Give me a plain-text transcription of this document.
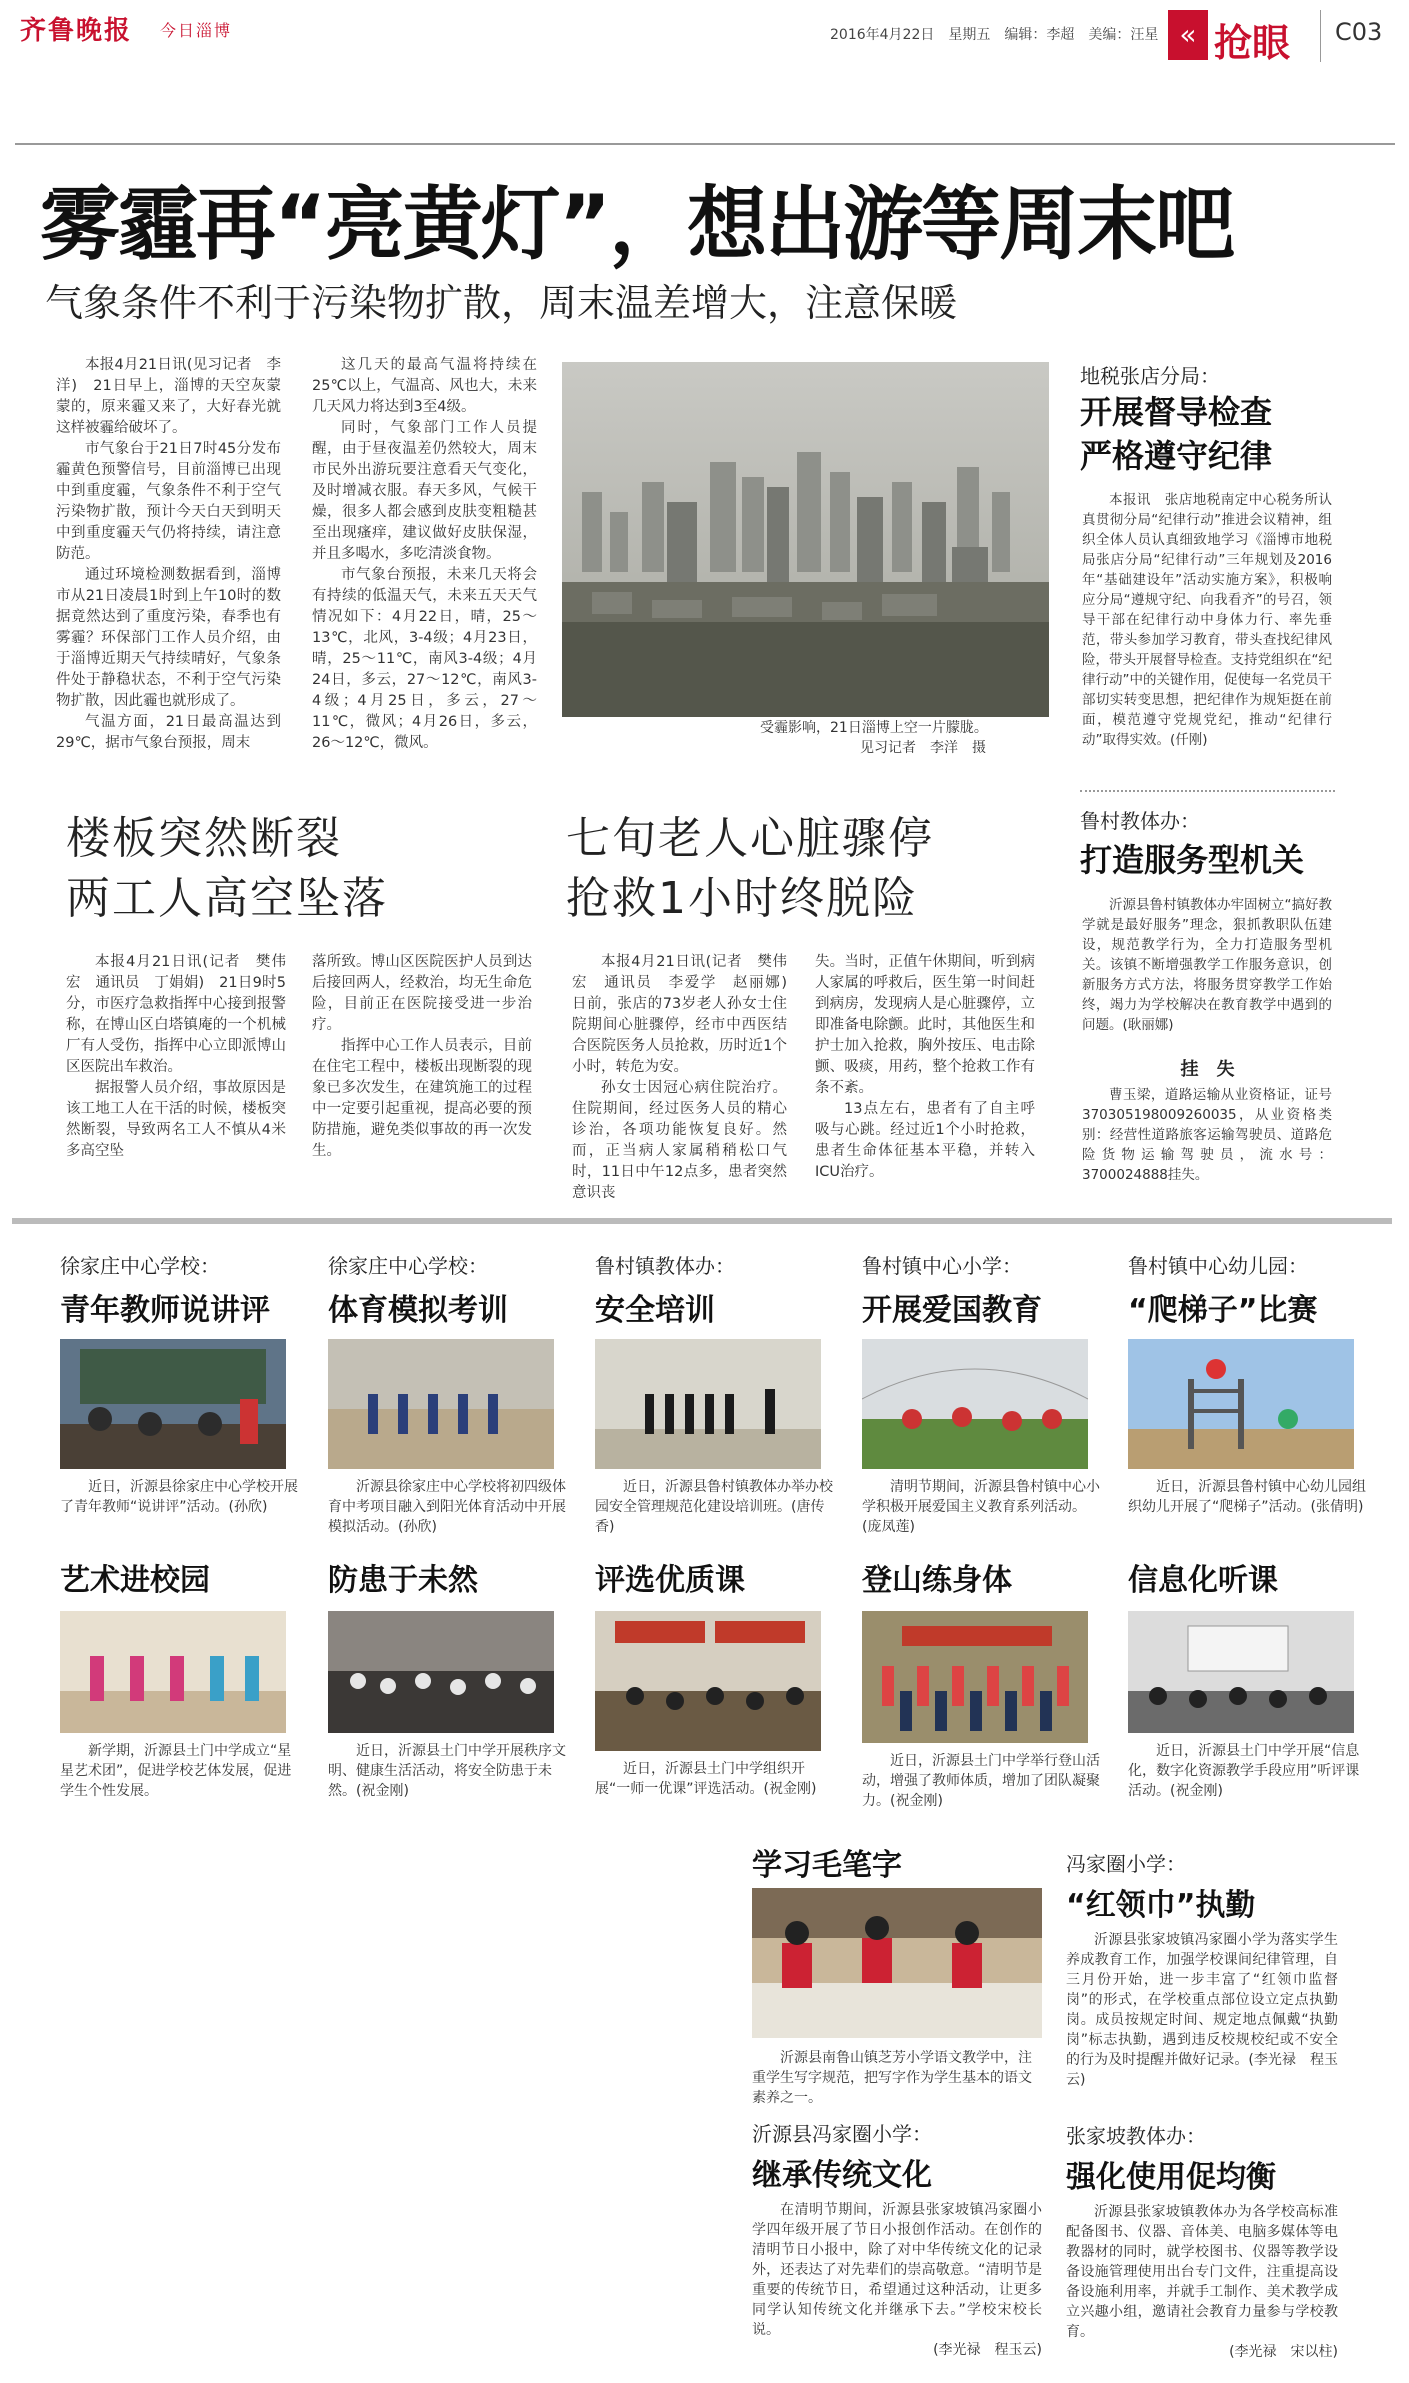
齐鲁晚报 今日淄博	2016年4月22日　星期五　编辑：李超　美编：汪星 « 抢眼 C03
雾霾再“亮黄灯”，想出游等周末吧
气象条件不利于污染物扩散，周末温差增大，注意保暖

本报4月21日讯(见习记者　李洋)　21日早上，淄博的天空灰蒙蒙的，原来霾又来了，大好春光就这样被霾给破坏了。

市气象台于21日7时45分发布霾黄色预警信号，目前淄博已出现中到重度霾，气象条件不利于空气污染物扩散，预计今天白天到明天中到重度霾天气仍将持续，请注意防范。

通过环境检测数据看到，淄博市从21日凌晨1时到上午10时的数据竟然达到了重度污染，春季也有雾霾？环保部门工作人员介绍，由于淄博近期天气持续晴好，气象条件处于静稳状态，不利于空气污染物扩散，因此霾也就形成了。

气温方面，21日最高温达到29℃，据市气象台预报，周末

这几天的最高气温将持续在25℃以上，气温高、风也大，未来几天风力将达到3至4级。

同时，气象部门工作人员提醒，由于昼夜温差仍然较大，周末市民外出游玩要注意看天气变化，及时增减衣服。春天多风，气候干燥，很多人都会感到皮肤变粗糙甚至出现瘙痒，建议做好皮肤保湿，并且多喝水，多吃清淡食物。

市气象台预报，未来几天将会有持续的低温天气，未来五天天气情况如下：4月22日，晴，25～13℃，北风，3-4级；4月23日，晴，25～11℃，南风3-4级；4月24日，多云，27～12℃，南风3-4级；4月25日，多云，27～11℃，微风；4月26日，多云，26～12℃，微风。

受霾影响，21日淄博上空一片朦胧。
见习记者　李洋　摄
地税张店分局：
开展督导检查
严格遵守纪律

本报讯　张店地税南定中心税务所认真贯彻分局“纪律行动”推进会议精神，组织全体人员认真细致地学习《淄博市地税局张店分局“纪律行动”三年规划及2016年“基础建设年”活动实施方案》，积极响应分局“遵规守纪、向我看齐”的号召，领导干部在纪律行动中身体力行、率先垂范，带头参加学习教育，带头查找纪律风险，带头开展督导检查。支持党组织在“纪律行动”中的关键作用，促使每一名党员干部切实转变思想，把纪律作为规矩挺在前面，模范遵守党规党纪，推动“纪律行动”取得实效。(仟刚)

鲁村教体办：
打造服务型机关

沂源县鲁村镇教体办牢固树立“搞好教学就是最好服务”理念，狠抓教职队伍建设，规范教学行为，全力打造服务型机关。该镇不断增强教学工作服务意识，创新服务方式方法，将服务贯穿教学工作始终，竭力为学校解决在教育教学中遇到的问题。(耿丽娜)

挂　失

曹玉梁，道路运输从业资格证，证号370305198009260035，从业资格类别：经营性道路旅客运输驾驶员、道路危险货物运输驾驶员，流水号：3700024888挂失。

楼板突然断裂
两工人高空坠落

本报4月21日讯(记者　樊伟宏　通讯员　丁娟娟)　21日9时5分，市医疗急救指挥中心接到报警称，在博山区白塔镇庵的一个机械厂有人受伤，指挥中心立即派博山区医院出车救治。

据报警人员介绍，事故原因是该工地工人在干活的时候，楼板突然断裂，导致两名工人不慎从4米多高空坠

落所致。博山区医院医护人员到达后接回两人，经救治，均无生命危险，目前正在医院接受进一步治疗。

指挥中心工作人员表示，目前在住宅工程中，楼板出现断裂的现象已多次发生，在建筑施工的过程中一定要引起重视，提高必要的预防措施，避免类似事故的再一次发生。

七旬老人心脏骤停
抢救1小时终脱险

本报4月21日讯(记者　樊伟宏　通讯员　李爱学　赵丽娜)　日前，张店的73岁老人孙女士住院期间心脏骤停，经市中西医结合医院医务人员抢救，历时近1个小时，转危为安。

孙女士因冠心病住院治疗。住院期间，经过医务人员的精心诊治，各项功能恢复良好。然而，正当病人家属稍稍松口气时，11日中午12点多，患者突然意识丧

失。当时，正值午休期间，听到病人家属的呼救后，医生第一时间赶到病房，发现病人是心脏骤停，立即准备电除颤。此时，其他医生和护士加入抢救，胸外按压、电击除颤、吸痰，用药，整个抢救工作有条不紊。

13点左右，患者有了自主呼吸与心跳。经过近1个小时抢救，患者生命体征基本平稳，并转入ICU治疗。

徐家庄中心学校：
青年教师说讲评
近日，沂源县徐家庄中心学校开展了青年教师“说讲评”活动。(孙欣)
徐家庄中心学校：
体育模拟考训
沂源县徐家庄中心学校将初四级体育中考项目融入到阳光体育活动中开展模拟活动。(孙欣)
鲁村镇教体办：
安全培训
近日，沂源县鲁村镇教体办举办校园安全管理规范化建设培训班。(唐传香)
鲁村镇中心小学：
开展爱国教育
清明节期间，沂源县鲁村镇中心小学积极开展爱国主义教育系列活动。(庞凤莲)
鲁村镇中心幼儿园：
“爬梯子”比赛
近日，沂源县鲁村镇中心幼儿园组织幼儿开展了“爬梯子”活动。(张倩明)
艺术进校园
新学期，沂源县土门中学成立“星星艺术团”，促进学校艺体发展，促进学生个性发展。
防患于未然
近日，沂源县土门中学开展秩序文明、健康生活活动，将安全防患于未然。(祝金刚)
评选优质课
近日，沂源县土门中学组织开展“一师一优课”评选活动。(祝金刚)
登山练身体
近日，沂源县土门中学举行登山活动，增强了教师体质，增加了团队凝聚力。(祝金刚)
信息化听课
近日，沂源县土门中学开展“信息化，数字化资源教学手段应用”听评课活动。(祝金刚)
学习毛笔字
沂源县南鲁山镇芝芳小学语文教学中，注重学生写字规范，把写字作为学生基本的语文素养之一。
沂源县冯家圈小学：
继承传统文化

在清明节期间，沂源县张家坡镇冯家圈小学四年级开展了节日小报创作活动。在创作的清明节日小报中，除了对中华传统文化的记录外，还表达了对先辈们的崇高敬意。“清明节是重要的传统节日，希望通过这种活动，让更多同学认知传统文化并继承下去。”学校宋校长说。

(李光禄　程玉云)

冯家圈小学：
“红领巾”执勤

沂源县张家坡镇冯家圈小学为落实学生养成教育工作，加强学校课间纪律管理，自三月份开始，进一步丰富了“红领巾监督岗”的形式，在学校重点部位设立定点执勤岗。成员按规定时间、规定地点佩戴“执勤岗”标志执勤，遇到违反校规校纪或不安全的行为及时提醒并做好记录。(李光禄　程玉云)

张家坡教体办：
强化使用促均衡

沂源县张家坡镇教体办为各学校高标准配备图书、仪器、音体美、电脑多媒体等电教器材的同时，就学校图书、仪器等教学设备设施管理使用出台专门文件，注重提高设备设施利用率，并就手工制作、美术教学成立兴趣小组，邀请社会教育力量参与学校教育。

(李光禄　宋以柱)
